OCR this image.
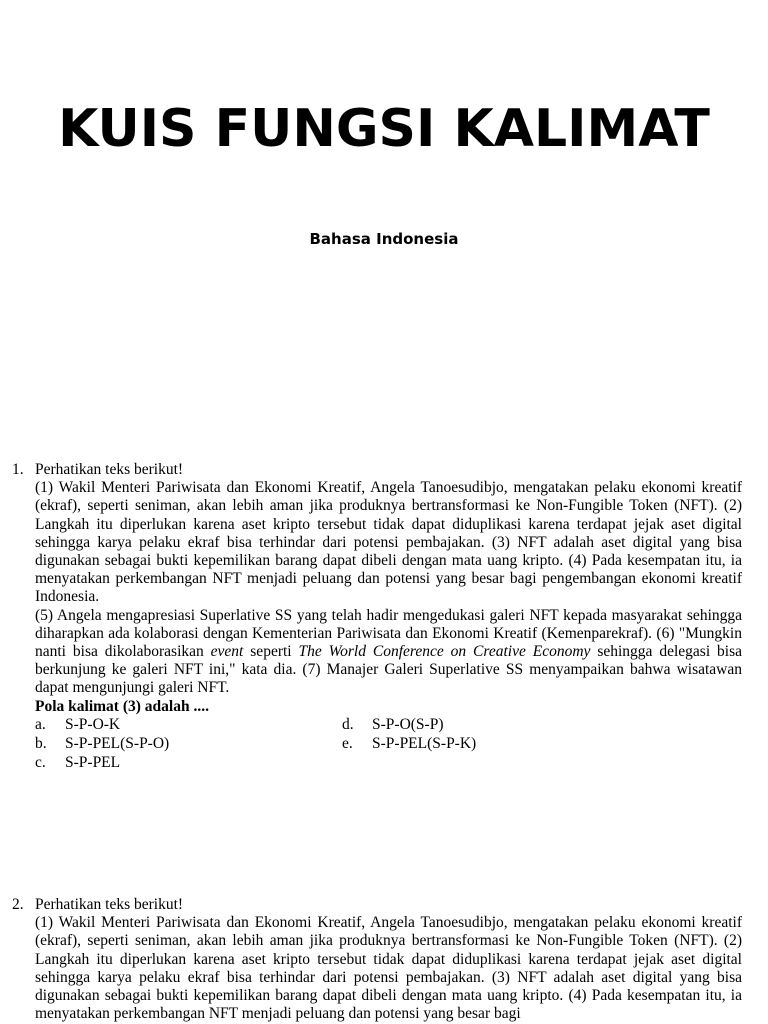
KUIS FUNGSI KALIMAT

Bahasa Indonesia

1. Perhatikan teks berikut!

(1) Wakil Menteri Pariwisata dan Ekonomi Kreatif, Angela Tanoesudibjo, mengatakan pelaku ekonomi kreatif (ekraf), seperti seniman, akan lebih aman jika produknya bertransformasi ke Non-Fungible Token (NFT). (2) Langkah itu diperlukan karena aset kripto tersebut tidak dapat diduplikasi karena terdapat jejak aset digital sehingga karya pelaku ekraf bisa terhindar dari potensi pembajakan. (3) NFT adalah aset digital yang bisa digunakan sebagai bukti kepemilikan barang dapat dibeli dengan mata uang kripto. (4) Pada kesempatan itu, ia menyatakan perkembangan NFT menjadi peluang dan potensi yang besar bagi pengembangan ekonomi kreatif Indonesia.

(5) Angela mengapresiasi Superlative SS yang telah hadir mengedukasi galeri NFT kepada masyarakat sehingga diharapkan ada kolaborasi dengan Kementerian Pariwisata dan Ekonomi Kreatif (Kemenparekraf). (6) "Mungkin nanti bisa dikolaborasikan event seperti The World Conference on Creative Economy sehingga delegasi bisa berkunjung ke galeri NFT ini," kata dia. (7) Manajer Galeri Superlative SS menyampaikan bahwa wisatawan dapat mengunjungi galeri NFT.

Pola kalimat (3) adalah ....

a.	S-P-O-K	d.	S-P-O(S-P)
b.	S-P-PEL(S-P-O)	e.	S-P-PEL(S-P-K)
c.	S-P-PEL
2. Perhatikan teks berikut!

(1) Wakil Menteri Pariwisata dan Ekonomi Kreatif, Angela Tanoesudibjo, mengatakan pelaku ekonomi kreatif (ekraf), seperti seniman, akan lebih aman jika produknya bertransformasi ke Non-Fungible Token (NFT). (2) Langkah itu diperlukan karena aset kripto tersebut tidak dapat diduplikasi karena terdapat jejak aset digital sehingga karya pelaku ekraf bisa terhindar dari potensi pembajakan. (3) NFT adalah aset digital yang bisa digunakan sebagai bukti kepemilikan barang dapat dibeli dengan mata uang kripto. (4) Pada kesempatan itu, ia menyatakan perkembangan NFT menjadi peluang dan potensi yang besar bagi
